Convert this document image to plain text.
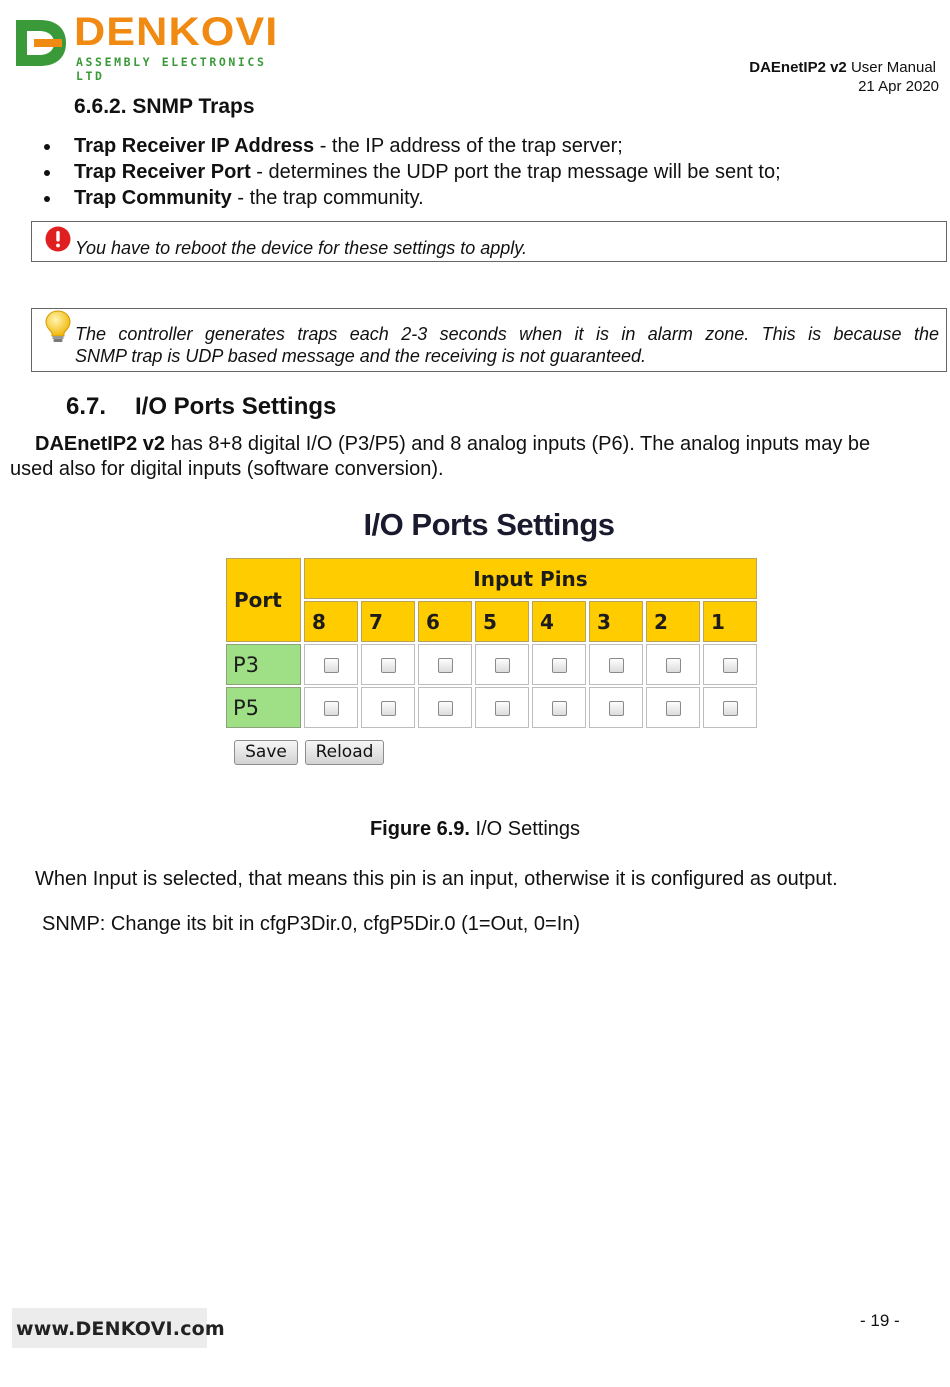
DENKOVI
ASSEMBLY ELECTRONICS LTD	DAEnetIP2 v2 User Manual
21 Apr 2020
6.6.2. SNMP Traps
Trap Receiver IP Address - the IP address of the trap server;
Trap Receiver Port - determines the UDP port the trap message will be sent to;
Trap Community - the trap community.
You have to reboot the device for these settings to apply.
The controller generates traps each 2-3 seconds when it is in alarm zone. This is because the
SNMP trap is UDP based message and the receiving is not guaranteed.
6.7. I/O Ports Settings
DAEnetIP2 v2 has 8+8 digital I/O (P3/P5) and 8 analog inputs (P6). The analog inputs may be
used also for digital inputs (software conversion).
I/O Ports Settings
Port	Input Pins							
	8	7	6	5	4	3	2	1
P3								
P5								
Save	Reload
Figure 6.9. I/O Settings
When Input is selected, that means this pin is an input, otherwise it is configured as output.
SNMP: Change its bit in cfgP3Dir.0, cfgP5Dir.0 (1=Out, 0=In)
www.DENKOVI.com	- 19 -
